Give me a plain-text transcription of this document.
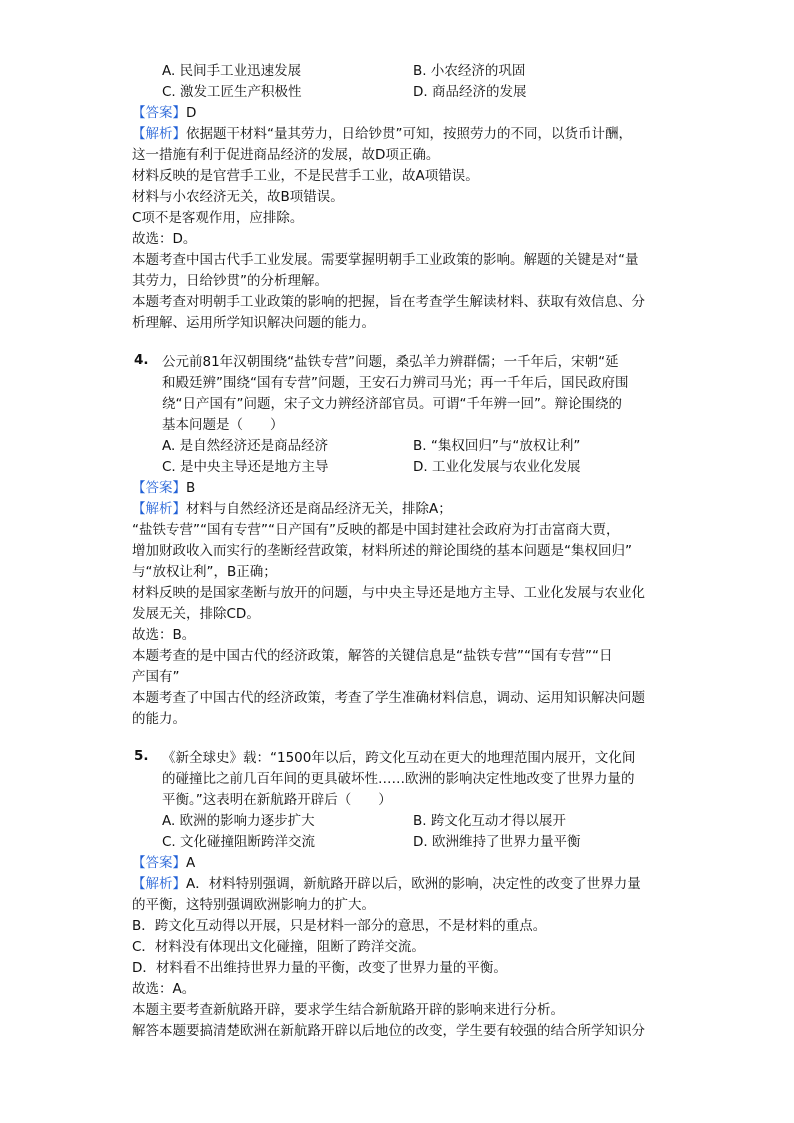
A. 民间手工业迅速发展	B. 小农经济的巩固
C. 激发工匠生产积极性	D. 商品经济的发展
【答案】D
【解析】依据题干材料“量其劳力，日给钞贯”可知，按照劳力的不同，以货币计酬，
这一措施有利于促进商品经济的发展，故D项正确。
材料反映的是官营手工业，不是民营手工业，故A项错误。
材料与小农经济无关，故B项错误。
C项不是客观作用，应排除。
故选：D。
本题考查中国古代手工业发展。需要掌握明朝手工业政策的影响。解题的关键是对“量
其劳力，日给钞贯”的分析理解。
本题考查对明朝手工业政策的影响的把握，旨在考查学生解读材料、获取有效信息、分
析理解、运用所学知识解决问题的能力。
4. 公元前81年汉朝围绕“盐铁专营”问题，桑弘羊力辨群儒；一千年后，宋朝“延
和殿廷辨”围绕“国有专营”问题，王安石力辨司马光；再一千年后，国民政府围
绕“日产国有”问题，宋子文力辨经济部官员。可谓“千年辨一回”。辩论围绕的
基本问题是（　　）
A. 是自然经济还是商品经济	B. “集权回归”与“放权让利”
C. 是中央主导还是地方主导	D. 工业化发展与农业化发展
【答案】B
【解析】材料与自然经济还是商品经济无关，排除A；
“盐铁专营”“国有专营”“日产国有”反映的都是中国封建社会政府为打击富商大贾，
增加财政收入而实行的垄断经营政策，材料所述的辩论围绕的基本问题是“集权回归”
与“放权让利”，B正确；
材料反映的是国家垄断与放开的问题，与中央主导还是地方主导、工业化发展与农业化
发展无关，排除CD。
故选：B。
本题考查的是中国古代的经济政策，解答的关键信息是“盐铁专营”“国有专营”“日
产国有”
本题考查了中国古代的经济政策，考查了学生准确材料信息，调动、运用知识解决问题
的能力。
5. 《新全球史》载：“1500年以后，跨文化互动在更大的地理范围内展开，文化间
的碰撞比之前几百年间的更具破坏性……欧洲的影响决定性地改变了世界力量的
平衡。”这表明在新航路开辟后（　　）
A. 欧洲的影响力逐步扩大	B. 跨文化互动才得以展开
C. 文化碰撞阻断跨洋交流	D. 欧洲维持了世界力量平衡
【答案】A
【解析】A．材料特别强调，新航路开辟以后，欧洲的影响，决定性的改变了世界力量
的平衡，这特别强调欧洲影响力的扩大。
B．跨文化互动得以开展，只是材料一部分的意思，不是材料的重点。
C．材料没有体现出文化碰撞，阻断了跨洋交流。
D．材料看不出维持世界力量的平衡，改变了世界力量的平衡。
故选：A。
本题主要考查新航路开辟，要求学生结合新航路开辟的影响来进行分析。
解答本题要搞清楚欧洲在新航路开辟以后地位的改变，学生要有较强的结合所学知识分
